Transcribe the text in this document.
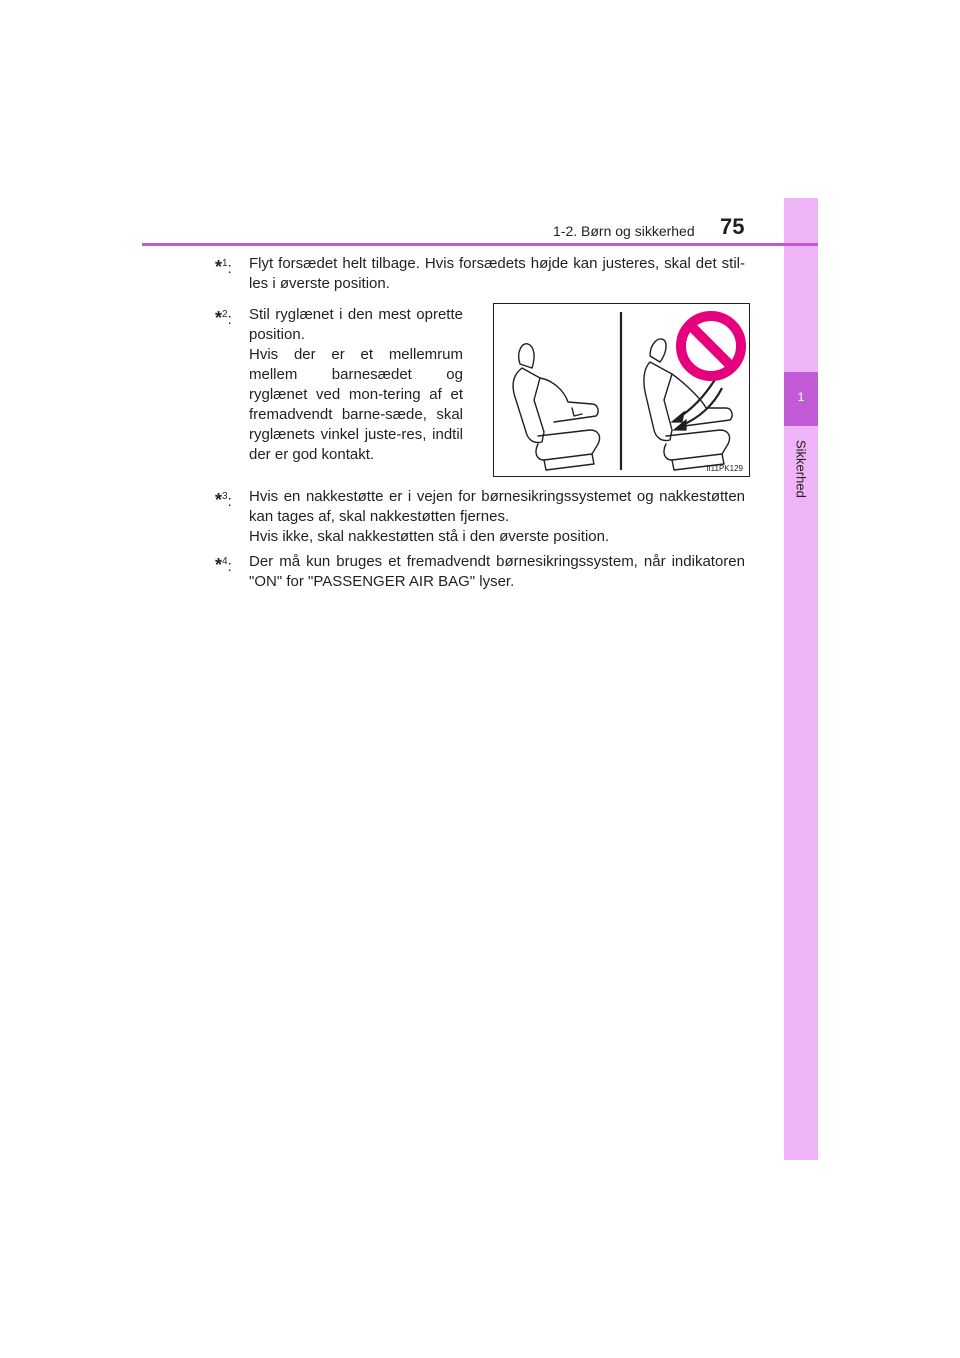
1
Sikkerhed
1-2. Børn og sikkerhed 75
*$^1$:	Flyt forsædet helt tilbage. Hvis forsædets højde kan justeres, skal det stil-les i øverste position.

*$^2$:	Stil ryglænet i den mest oprette position.

Hvis der er et mellemrum mellem barnesædet og ryglænet ved mon-tering af et fremadvendt barne-sæde, skal ryglænets vinkel juste-res, indtil der er god kontakt.

II11PK129
*$^3$:	Hvis en nakkestøtte er i vejen for børnesikringssystemet og nakkestøtten kan tages af, skal nakkestøtten fjernes.

Hvis ikke, skal nakkestøtten stå i den øverste position.

*$^4$:	Der må kun bruges et fremadvendt børnesikringssystem, når indikatoren "ON" for "PASSENGER AIR BAG" lyser.
